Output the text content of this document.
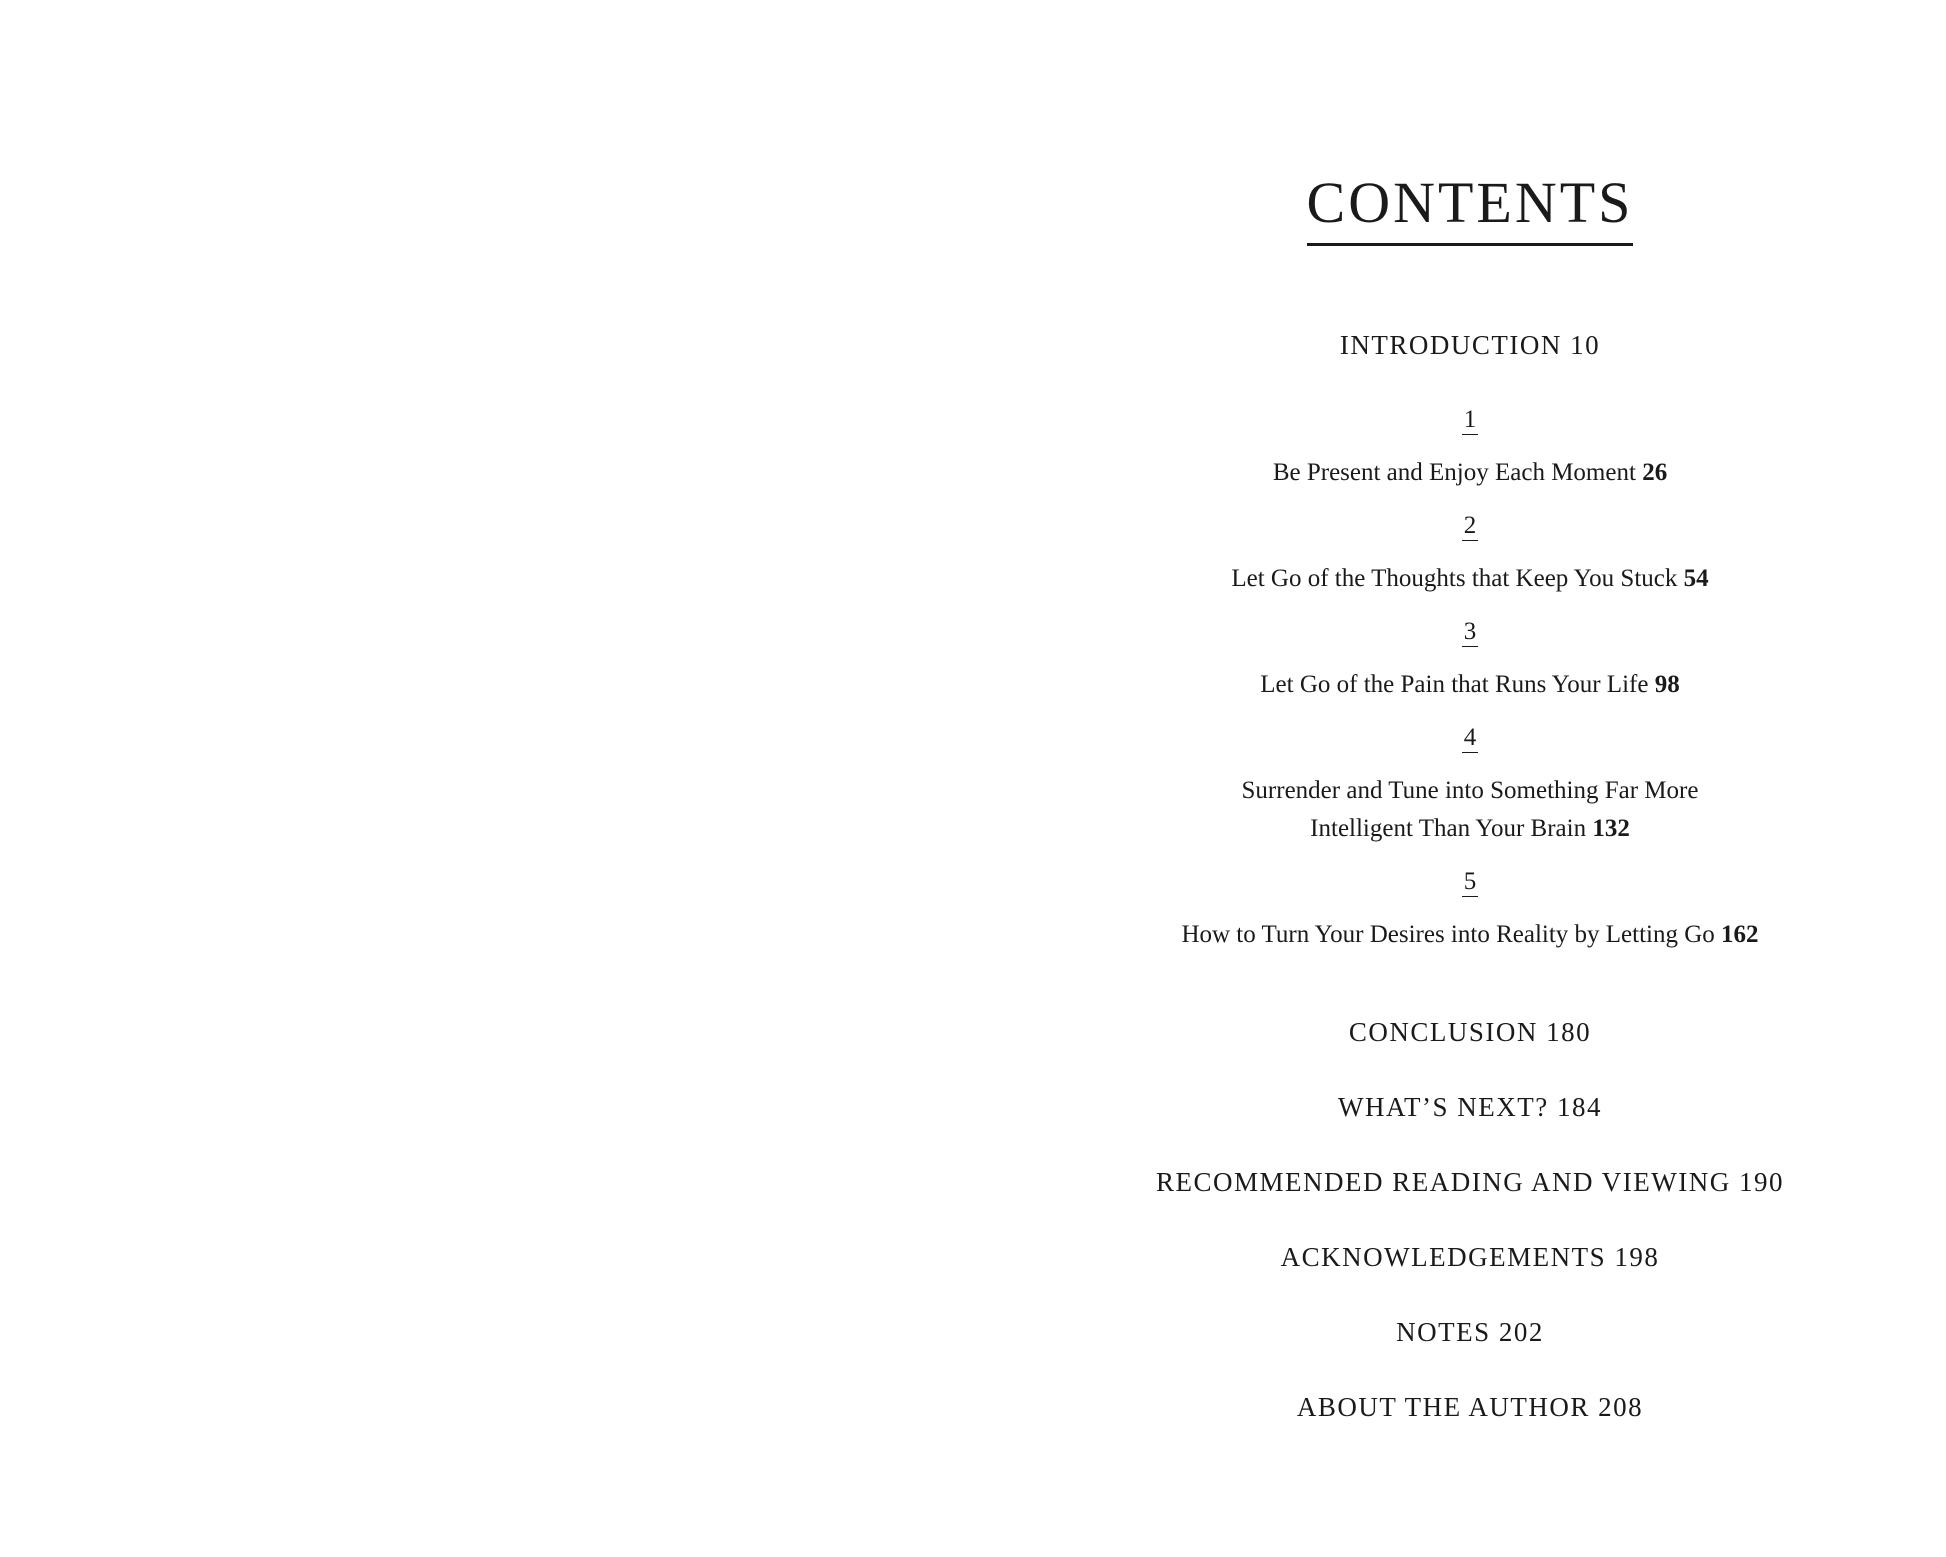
CONTENTS
INTRODUCTION 10
1
Be Present and Enjoy Each Moment 26
2
Let Go of the Thoughts that Keep You Stuck 54
3
Let Go of the Pain that Runs Your Life 98
4
Surrender and Tune into Something Far More
Intelligent Than Your Brain 132
5
How to Turn Your Desires into Reality by Letting Go 162
CONCLUSION 180
WHAT’S NEXT? 184
RECOMMENDED READING AND VIEWING 190
ACKNOWLEDGEMENTS 198
NOTES 202
ABOUT THE AUTHOR 208
